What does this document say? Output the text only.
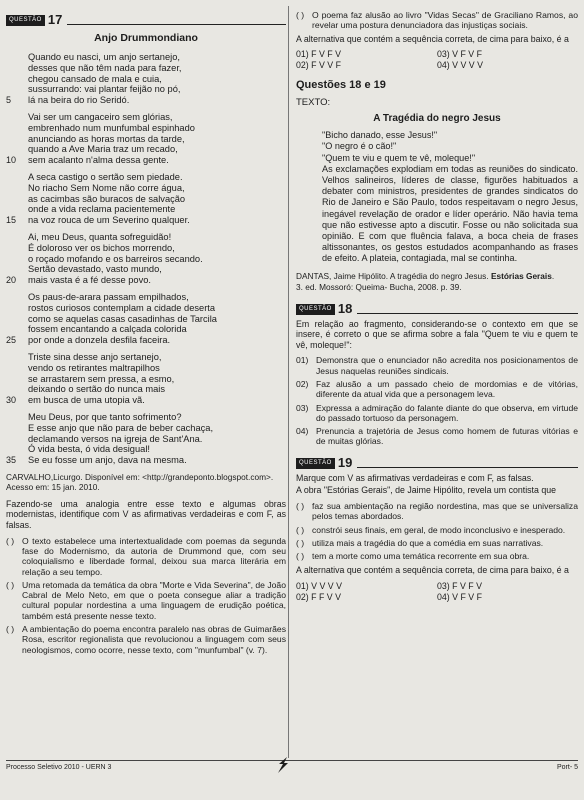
QUESTÃO 17
Anjo Drummondiano
Quando eu nasci, um anjo sertanejo,
desses que não têm nada para fazer,
chegou cansado de mala e cuia,
sussurrando: vai plantar feijão no pó,
5 lá na beira do rio Seridó.
Vai ser um cangaceiro sem glórias,
embrenhado num munfumbal espinhado
anunciando as horas mortas da tarde,
quando a Ave Maria traz um recado,
10 sem acalanto n'alma dessa gente.
A seca castigo o sertão sem piedade.
No riacho Sem Nome não corre água,
as cacimbas são buracos de salvação
onde a vida reclama pacientemente
15 na voz rouca de um Severino qualquer.
Ai, meu Deus, quanta sofreguidão!
É doloroso ver os bichos morrendo,
o roçado mofando e os barreiros secando.
Sertão devastado, vasto mundo,
20 mais vasta é a fé desse povo.
Os paus-de-arara passam empilhados,
rostos curiosos contemplam a cidade deserta
como se aquelas casas casadinhas de Tarcila
fossem encantando a calçada colorida
25 por onde a donzela desfila faceira.
Triste sina desse anjo sertanejo,
vendo os retirantes maltrapilhos
se arrastarem sem pressa, a esmo,
deixando o sertão do nunca mais
30 em busca de uma utopia vã.
Meu Deus, por que tanto sofrimento?
E esse anjo que não para de beber cachaça,
declamando versos na igreja de Sant'Ana.
Ó vida besta, ó vida desigual!
35 Se eu fosse um anjo, dava na mesma.
CARVALHO,Licurgo. Disponível em: <http://grandeponto.blogspot.com>.
Acesso em: 15 jan. 2010.

Fazendo-se uma analogia entre esse texto e algumas obras modernistas, identifique com V as afirmativas verdadeiras e com F, as falsas.

( ) O texto estabelece uma intertextualidade com poemas da segunda fase do Modernismo, da autoria de Drummond que, com seu coloquialismo e liberdade formal, deixou sua marca literária em relação a seu tempo.
( ) Uma retomada da temática da obra "Morte e Vida Severina", de João Cabral de Melo Neto, em que o poeta consegue aliar a tradição cultural popular nordestina a uma linguagem de erudição poética, também está presente nesse texto.
( ) A ambientação do poema encontra paralelo nas obras de Guimarães Rosa, escritor regionalista que revolucionou a linguagem com seus neologismos, como ocorre, nesse texto, com "munfumbal" (v. 7).
( ) O poema faz alusão ao livro "Vidas Secas" de Graciliano Ramos, ao revelar uma postura denunciadora das injustiças sociais.

A alternativa que contém a sequência correta, de cima para baixo, é a

01) F V F V	03) V F V F
02) F V V F	04) V V V V
Questões 18 e 19
TEXTO:
A Tragédia do negro Jesus

"Bicho danado, esse Jesus!"

"O negro é o cão!"

"Quem te viu e quem te vê, moleque!"

As exclamações explodiam em todas as reuniões do sindicato. Velhos salineiros, líderes de classe, figurões habituados a debater com ministros, presidentes de grandes sindicatos do Rio de Janeiro e São Paulo, todos respeitavam o negro Jesus, inegável revelação de orador e líder operário. Não havia tema que não estivesse apto a discutir. Fosse ou não solicitada sua opinião. E com que fluência falava, a boca cheia de frases altissonantes, os gestos estudados acompanhando as frases de efeito. A plateia, contagiada, mal se continha.

DANTAS, Jaime Hipólito. A tragédia do negro Jesus. Estórias Gerais.
3. ed. Mossoró: Queima- Bucha, 2008. p. 39.
QUESTÃO 18

Em relação ao fragmento, considerando-se o contexto em que se insere, é correto o que se afirma sobre a fala "Quem te viu e quem te vê, moleque!":

01) Demonstra que o enunciador não acredita nos posicionamentos de Jesus naquelas reuniões sindicais.
02) Faz alusão a um passado cheio de mordomias e de vitórias, diferente da atual vida que a personagem leva.
03) Expressa a admiração do falante diante do que observa, em virtude do passado tortuoso da personagem.
04) Prenuncia a trajetória de Jesus como homem de futuras vitórias e de muitas glórias.
QUESTÃO 19

Marque com V as afirmativas verdadeiras e com F, as falsas.

A obra "Estórias Gerais", de Jaime Hipólito, revela um contista que

( ) faz sua ambientação na região nordestina, mas que se universaliza pelos temas abordados.
( ) constrói seus finais, em geral, de modo inconclusivo e inesperado.
( ) utiliza mais a tragédia do que a comédia em suas narrativas.
( ) tem a morte como uma temática recorrente em sua obra.

A alternativa que contém a sequência correta, de cima para baixo, é a

01) V V V V	03) F V F V
02) F F V V	04) V F V F
Processo Seletivo 2010 - UERN 3	Port- 5
